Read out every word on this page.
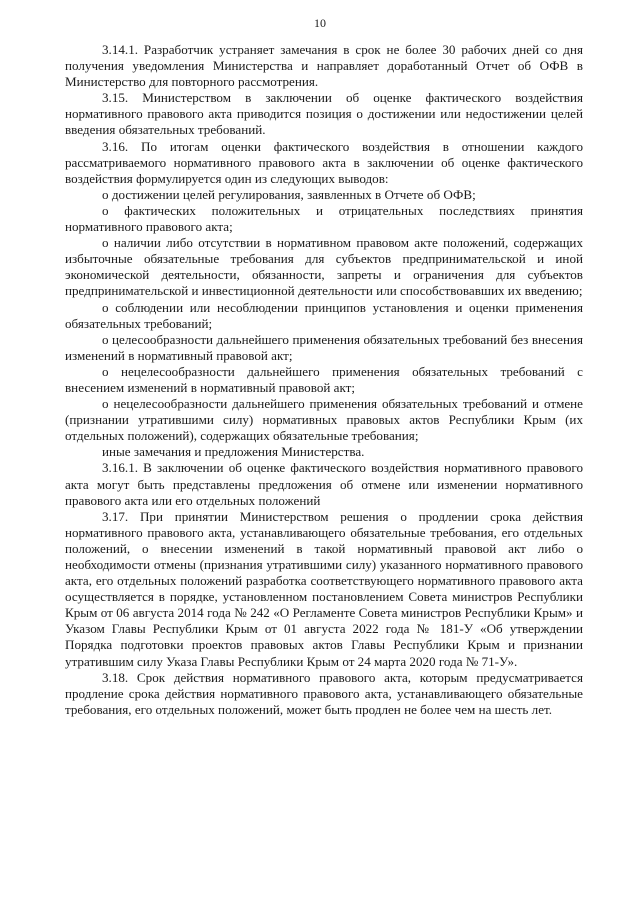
10

3.14.1. Разработчик устраняет замечания в срок не более 30 рабочих дней со дня получения уведомления Министерства и направляет доработанный Отчет об ОФВ в Министерство для повторного рассмотрения.

3.15. Министерством в заключении об оценке фактического воздействия нормативного правового акта приводится позиция о достижении или недостижении целей введения обязательных требований.

3.16. По итогам оценки фактического воздействия в отношении каждого рассматриваемого нормативного правового акта в заключении об оценке фактического воздействия формулируется один из следующих выводов:

о достижении целей регулирования, заявленных в Отчете об ОФВ;

о фактических положительных и отрицательных последствиях принятия нормативного правового акта;

о наличии либо отсутствии в нормативном правовом акте положений, содержащих избыточные обязательные требования для субъектов предпринимательской и иной экономической деятельности, обязанности, запреты и ограничения для субъектов предпринимательской и инвестиционной деятельности или способствовавших их введению;

о соблюдении или несоблюдении принципов установления и оценки применения обязательных требований;

о целесообразности дальнейшего применения обязательных требований без внесения изменений в нормативный правовой акт;

о нецелесообразности дальнейшего применения обязательных требований с внесением изменений в нормативный правовой акт;

о нецелесообразности дальнейшего применения обязательных требований и отмене (признании утратившими силу) нормативных правовых актов Республики Крым (их отдельных положений), содержащих обязательные требования;

иные замечания и предложения Министерства.

3.16.1. В заключении об оценке фактического воздействия нормативного правового акта могут быть представлены предложения об отмене или изменении нормативного правового акта или его отдельных положений

3.17. При принятии Министерством решения о продлении срока действия нормативного правового акта, устанавливающего обязательные требования, его отдельных положений, о внесении изменений в такой нормативный правовой акт либо о необходимости отмены (признания утратившими силу) указанного нормативного правового акта, его отдельных положений разработка соответствующего нормативного правового акта осуществляется в порядке, установленном постановлением Совета министров Республики Крым от 06 августа 2014 года № 242 «О Регламенте Совета министров Республики Крым» и Указом Главы Республики Крым от 01 августа 2022 года № 181-У «Об утверждении Порядка подготовки проектов правовых актов Главы Республики Крым и признании утратившим силу Указа Главы Республики Крым от 24 марта 2020 года № 71-У».

3.18. Срок действия нормативного правового акта, которым предусматривается продление срока действия нормативного правового акта, устанавливающего обязательные требования, его отдельных положений, может быть продлен не более чем на шесть лет.
